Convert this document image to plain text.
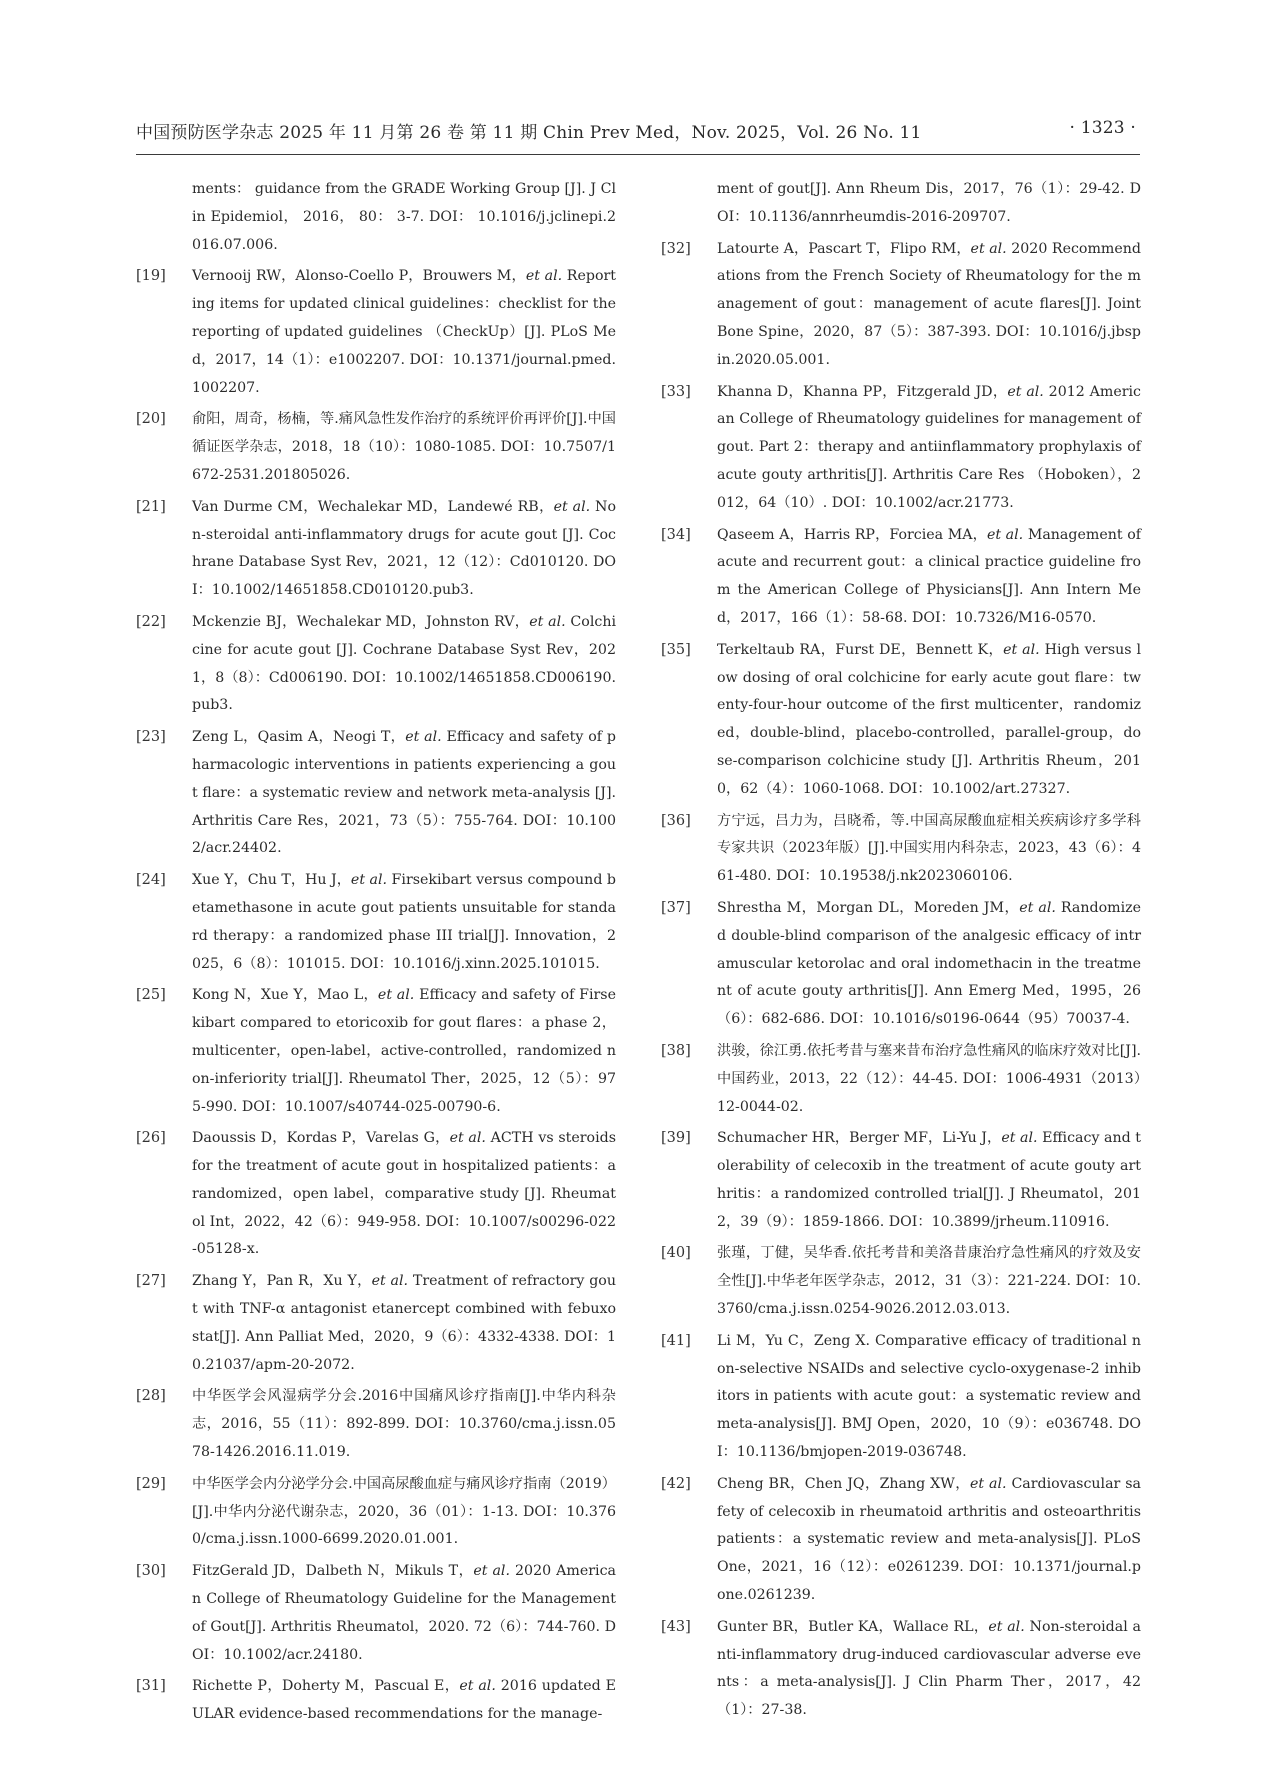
中国预防医学杂志 2025 年 11 月第 26 卷 第 11 期 Chin Prev Med，Nov. 2025，Vol. 26 No. 11	· 1323 ·
ments： guidance from the GRADE Working Group [J]. J Clin Epidemiol， 2016， 80： 3-7. DOI： 10.1016/j.jclinepi.2016.07.006.
[19]	Vernooij RW，Alonso-Coello P，Brouwers M，et al. Reporting items for updated clinical guidelines：checklist for the reporting of updated guidelines （CheckUp）[J]. PLoS Med，2017，14（1）：e1002207. DOI：10.1371/journal.pmed.1002207.
[20]	俞阳，周奇，杨楠，等.痛风急性发作治疗的系统评价再评价[J].中国循证医学杂志，2018，18（10）：1080-1085. DOI：10.7507/1672-2531.201805026.
[21]	Van Durme CM，Wechalekar MD，Landewé RB，et al. Non-steroidal anti-inflammatory drugs for acute gout [J]. Cochrane Database Syst Rev，2021，12（12）：Cd010120. DOI：10.1002/14651858.CD010120.pub3.
[22]	Mckenzie BJ，Wechalekar MD，Johnston RV，et al. Colchicine for acute gout [J]. Cochrane Database Syst Rev，2021，8（8）：Cd006190. DOI：10.1002/14651858.CD006190.pub3.
[23]	Zeng L，Qasim A，Neogi T，et al. Efficacy and safety of pharmacologic interventions in patients experiencing a gout flare：a systematic review and network meta-analysis [J]. Arthritis Care Res，2021，73（5）：755-764. DOI：10.1002/acr.24402.
[24]	Xue Y，Chu T，Hu J，et al. Firsekibart versus compound betamethasone in acute gout patients unsuitable for standard therapy：a randomized phase III trial[J]. Innovation，2025，6（8）：101015. DOI：10.1016/j.xinn.2025.101015.
[25]	Kong N，Xue Y，Mao L，et al. Efficacy and safety of Firsekibart compared to etoricoxib for gout flares：a phase 2，multicenter，open-label，active-controlled，randomized non-inferiority trial[J]. Rheumatol Ther，2025，12（5）：975-990. DOI：10.1007/s40744-025-00790-6.
[26]	Daoussis D，Kordas P，Varelas G，et al. ACTH vs steroids for the treatment of acute gout in hospitalized patients：a randomized，open label，comparative study [J]. Rheumatol Int，2022，42（6）：949-958. DOI：10.1007/s00296-022-05128-x.
[27]	Zhang Y，Pan R，Xu Y，et al. Treatment of refractory gout with TNF-α antagonist etanercept combined with febuxostat[J]. Ann Palliat Med，2020，9（6）：4332-4338. DOI：10.21037/apm-20-2072.
[28]	中华医学会风湿病学分会.2016中国痛风诊疗指南[J].中华内科杂志，2016，55（11）：892-899. DOI：10.3760/cma.j.issn.0578-1426.2016.11.019.
[29]	中华医学会内分泌学分会.中国高尿酸血症与痛风诊疗指南（2019）[J].中华内分泌代谢杂志，2020，36（01）：1-13. DOI：10.3760/cma.j.issn.1000-6699.2020.01.001.
[30]	FitzGerald JD，Dalbeth N，Mikuls T，et al. 2020 American College of Rheumatology Guideline for the Management of Gout[J]. Arthritis Rheumatol，2020. 72（6）：744-760. DOI：10.1002/acr.24180.
[31]	Richette P，Doherty M，Pascual E，et al. 2016 updated EULAR evidence-based recommendations for the manage-
ment of gout[J]. Ann Rheum Dis，2017，76（1）：29-42. DOI：10.1136/annrheumdis-2016-209707.
[32]	Latourte A，Pascart T，Flipo RM，et al. 2020 Recommendations from the French Society of Rheumatology for the management of gout：management of acute flares[J]. Joint Bone Spine，2020，87（5）：387-393. DOI：10.1016/j.jbspin.2020.05.001.
[33]	Khanna D，Khanna PP，Fitzgerald JD，et al. 2012 American College of Rheumatology guidelines for management of gout. Part 2：therapy and antiinflammatory prophylaxis of acute gouty arthritis[J]. Arthritis Care Res （Hoboken），2012，64（10）. DOI：10.1002/acr.21773.
[34]	Qaseem A，Harris RP，Forciea MA，et al. Management of acute and recurrent gout：a clinical practice guideline from the American College of Physicians[J]. Ann Intern Med，2017，166（1）：58-68. DOI：10.7326/M16-0570.
[35]	Terkeltaub RA，Furst DE，Bennett K，et al. High versus low dosing of oral colchicine for early acute gout flare：twenty-four-hour outcome of the first multicenter，randomized，double-blind，placebo-controlled，parallel-group，dose-comparison colchicine study [J]. Arthritis Rheum，2010，62（4）：1060-1068. DOI：10.1002/art.27327.
[36]	方宁远，吕力为，吕晓希，等.中国高尿酸血症相关疾病诊疗多学科专家共识（2023年版）[J].中国实用内科杂志，2023，43（6）：461-480. DOI：10.19538/j.nk2023060106.
[37]	Shrestha M，Morgan DL，Moreden JM，et al. Randomized double-blind comparison of the analgesic efficacy of intramuscular ketorolac and oral indomethacin in the treatment of acute gouty arthritis[J]. Ann Emerg Med，1995，26（6）：682-686. DOI：10.1016/s0196-0644（95）70037-4.
[38]	洪骏，徐江勇.依托考昔与塞来昔布治疗急性痛风的临床疗效对比[J].中国药业，2013，22（12）：44-45. DOI：1006-4931（2013）12-0044-02.
[39]	Schumacher HR，Berger MF，Li-Yu J，et al. Efficacy and tolerability of celecoxib in the treatment of acute gouty arthritis：a randomized controlled trial[J]. J Rheumatol，2012，39（9）：1859-1866. DOI：10.3899/jrheum.110916.
[40]	张瑾，丁健，吴华香.依托考昔和美洛昔康治疗急性痛风的疗效及安全性[J].中华老年医学杂志，2012，31（3）：221-224. DOI：10.3760/cma.j.issn.0254-9026.2012.03.013.
[41]	Li M，Yu C，Zeng X. Comparative efficacy of traditional non-selective NSAIDs and selective cyclo-oxygenase-2 inhibitors in patients with acute gout：a systematic review and meta-analysis[J]. BMJ Open，2020，10（9）：e036748. DOI：10.1136/bmjopen-2019-036748.
[42]	Cheng BR，Chen JQ，Zhang XW，et al. Cardiovascular safety of celecoxib in rheumatoid arthritis and osteoarthritis patients：a systematic review and meta-analysis[J]. PLoS One，2021，16（12）：e0261239. DOI：10.1371/journal.pone.0261239.
[43]	Gunter BR，Butler KA，Wallace RL，et al. Non-steroidal anti-inflammatory drug-induced cardiovascular adverse events：a meta-analysis[J]. J Clin Pharm Ther，2017，42（1）：27-38.
